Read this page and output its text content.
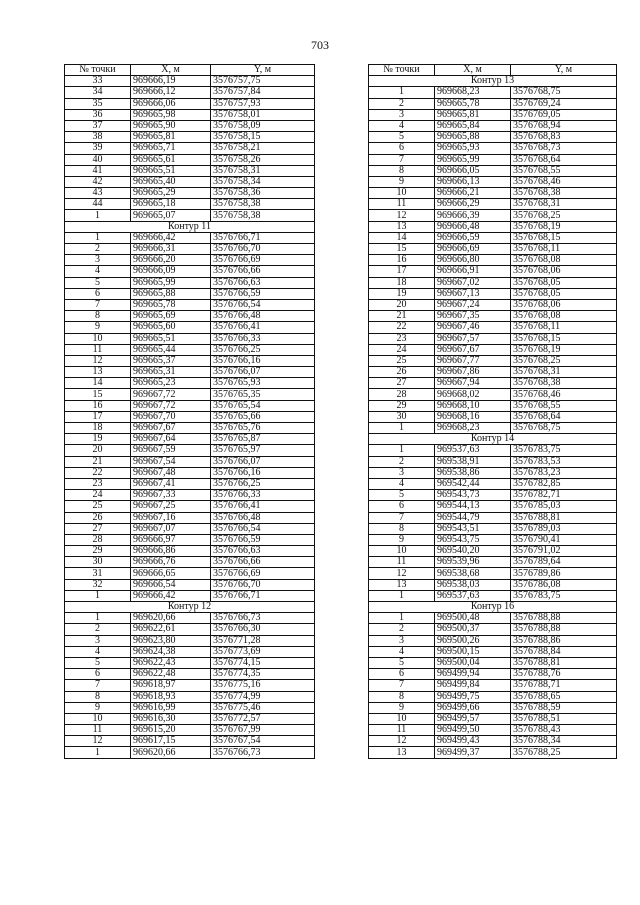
703
№ точки	X, м	Y, м
33	969666,19	3576757,75
34	969666,12	3576757,84
35	969666,06	3576757,93
36	969665,98	3576758,01
37	969665,90	3576758,09
38	969665,81	3576758,15
39	969665,71	3576758,21
40	969665,61	3576758,26
41	969665,51	3576758,31
42	969665,40	3576758,34
43	969665,29	3576758,36
44	969665,18	3576758,38
1	969665,07	3576758,38
Контур 11		
1	969666,42	3576766,71
2	969666,31	3576766,70
3	969666,20	3576766,69
4	969666,09	3576766,66
5	969665,99	3576766,63
6	969665,88	3576766,59
7	969665,78	3576766,54
8	969665,69	3576766,48
9	969665,60	3576766,41
10	969665,51	3576766,33
11	969665,44	3576766,25
12	969665,37	3576766,16
13	969665,31	3576766,07
14	969665,23	3576765,93
15	969667,72	3576765,35
16	969667,72	3576765,54
17	969667,70	3576765,66
18	969667,67	3576765,76
19	969667,64	3576765,87
20	969667,59	3576765,97
21	969667,54	3576766,07
22	969667,48	3576766,16
23	969667,41	3576766,25
24	969667,33	3576766,33
25	969667,25	3576766,41
26	969667,16	3576766,48
27	969667,07	3576766,54
28	969666,97	3576766,59
29	969666,86	3576766,63
30	969666,76	3576766,66
31	969666,65	3576766,69
32	969666,54	3576766,70
1	969666,42	3576766,71
Контур 12		
1	969620,66	3576766,73
2	969622,61	3576766,30
3	969623,80	3576771,28
4	969624,38	3576773,69
5	969622,43	3576774,15
6	969622,48	3576774,35
7	969618,97	3576775,16
8	969618,93	3576774,99
9	969616,99	3576775,46
10	969616,30	3576772,57
11	969615,20	3576767,99
12	969617,15	3576767,54
1	969620,66	3576766,73
№ точки	X, м	Y, м
Контур 13		
1	969668,23	3576768,75
2	969665,78	3576769,24
3	969665,81	3576769,05
4	969665,84	3576768,94
5	969665,88	3576768,83
6	969665,93	3576768,73
7	969665,99	3576768,64
8	969666,05	3576768,55
9	969666,13	3576768,46
10	969666,21	3576768,38
11	969666,29	3576768,31
12	969666,39	3576768,25
13	969666,48	3576768,19
14	969666,59	3576768,15
15	969666,69	3576768,11
16	969666,80	3576768,08
17	969666,91	3576768,06
18	969667,02	3576768,05
19	969667,13	3576768,05
20	969667,24	3576768,06
21	969667,35	3576768,08
22	969667,46	3576768,11
23	969667,57	3576768,15
24	969667,67	3576768,19
25	969667,77	3576768,25
26	969667,86	3576768,31
27	969667,94	3576768,38
28	969668,02	3576768,46
29	969668,10	3576768,55
30	969668,16	3576768,64
1	969668,23	3576768,75
Контур 14		
1	969537,63	3576783,75
2	969538,91	3576783,53
3	969538,86	3576783,23
4	969542,44	3576782,85
5	969543,73	3576782,71
6	969544,13	3576785,03
7	969544,79	3576788,81
8	969543,51	3576789,03
9	969543,75	3576790,41
10	969540,20	3576791,02
11	969539,96	3576789,64
12	969538,68	3576789,86
13	969538,03	3576786,08
1	969537,63	3576783,75
Контур 16		
1	969500,48	3576788,88
2	969500,37	3576788,88
3	969500,26	3576788,86
4	969500,15	3576788,84
5	969500,04	3576788,81
6	969499,94	3576788,76
7	969499,84	3576788,71
8	969499,75	3576788,65
9	969499,66	3576788,59
10	969499,57	3576788,51
11	969499,50	3576788,43
12	969499,43	3576788,34
13	969499,37	3576788,25
